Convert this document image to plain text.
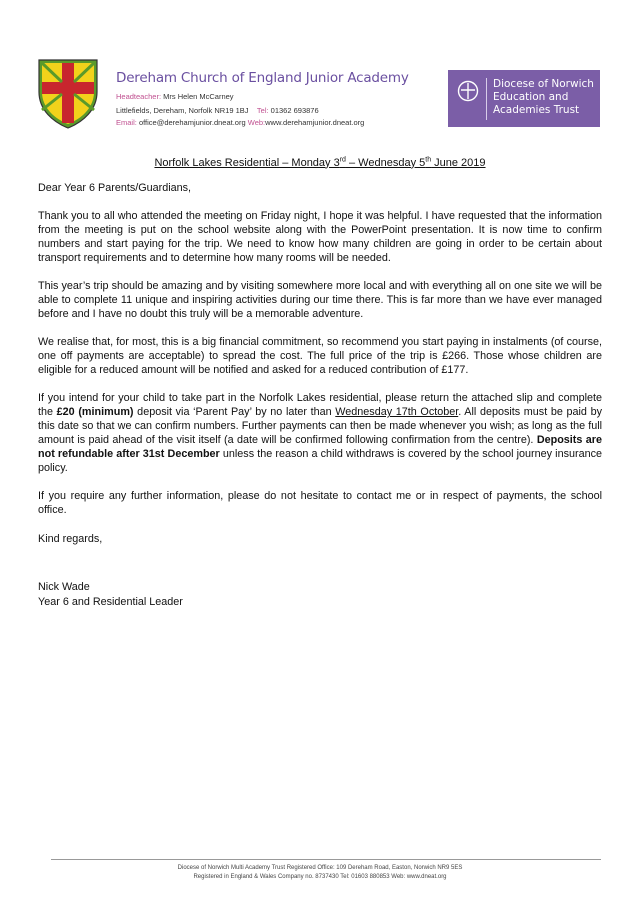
Dereham Church of England Junior Academy
Headteacher: Mrs Helen McCarney
Littlefields, Dereham, Norfolk NR19 1BJ Tel: 01362 693876
Email: office@derehamjunior.dneat.org Web:www.derehamjunior.dneat.org
Diocese of Norwich
Education and
Academies Trust
Norfolk Lakes Residential – Monday 3rd – Wednesday 5th June 2019

Dear Year 6 Parents/Guardians,

Thank you to all who attended the meeting on Friday night, I hope it was helpful. I have requested that the information from the meeting is put on the school website along with the PowerPoint presentation. It is now time to confirm numbers and start paying for the trip. We need to know how many children are going in order to be certain about transport requirements and to determine how many rooms will be needed.

This year’s trip should be amazing and by visiting somewhere more local and with everything all on one site we will be able to complete 11 unique and inspiring activities during our time there. This is far more than we have ever managed before and I have no doubt this truly will be a memorable adventure.

We realise that, for most, this is a big financial commitment, so recommend you start paying in instalments (of course, one off payments are acceptable) to spread the cost. The full price of the trip is £266. Those whose children are eligible for a reduced amount will be notified and asked for a reduced contribution of £177.

If you intend for your child to take part in the Norfolk Lakes residential, please return the attached slip and complete the £20 (minimum) deposit via ‘Parent Pay’ by no later than Wednesday 17th October. All deposits must be paid by this date so that we can confirm numbers. Further payments can then be made whenever you wish; as long as the full amount is paid ahead of the visit itself (a date will be confirmed following confirmation from the centre). Deposits are not refundable after 31st December unless the reason a child withdraws is covered by the school journey insurance policy.

If you require any further information, please do not hesitate to contact me or in respect of payments, the school office.

Kind regards,
Nick Wade
Year 6 and Residential Leader
Diocese of Norwich Multi Academy Trust Registered Office: 109 Dereham Road, Easton, Norwich NR9 5ES
Registered in England & Wales Company no. 8737430 Tel: 01603 880853 Web: www.dneat.org
